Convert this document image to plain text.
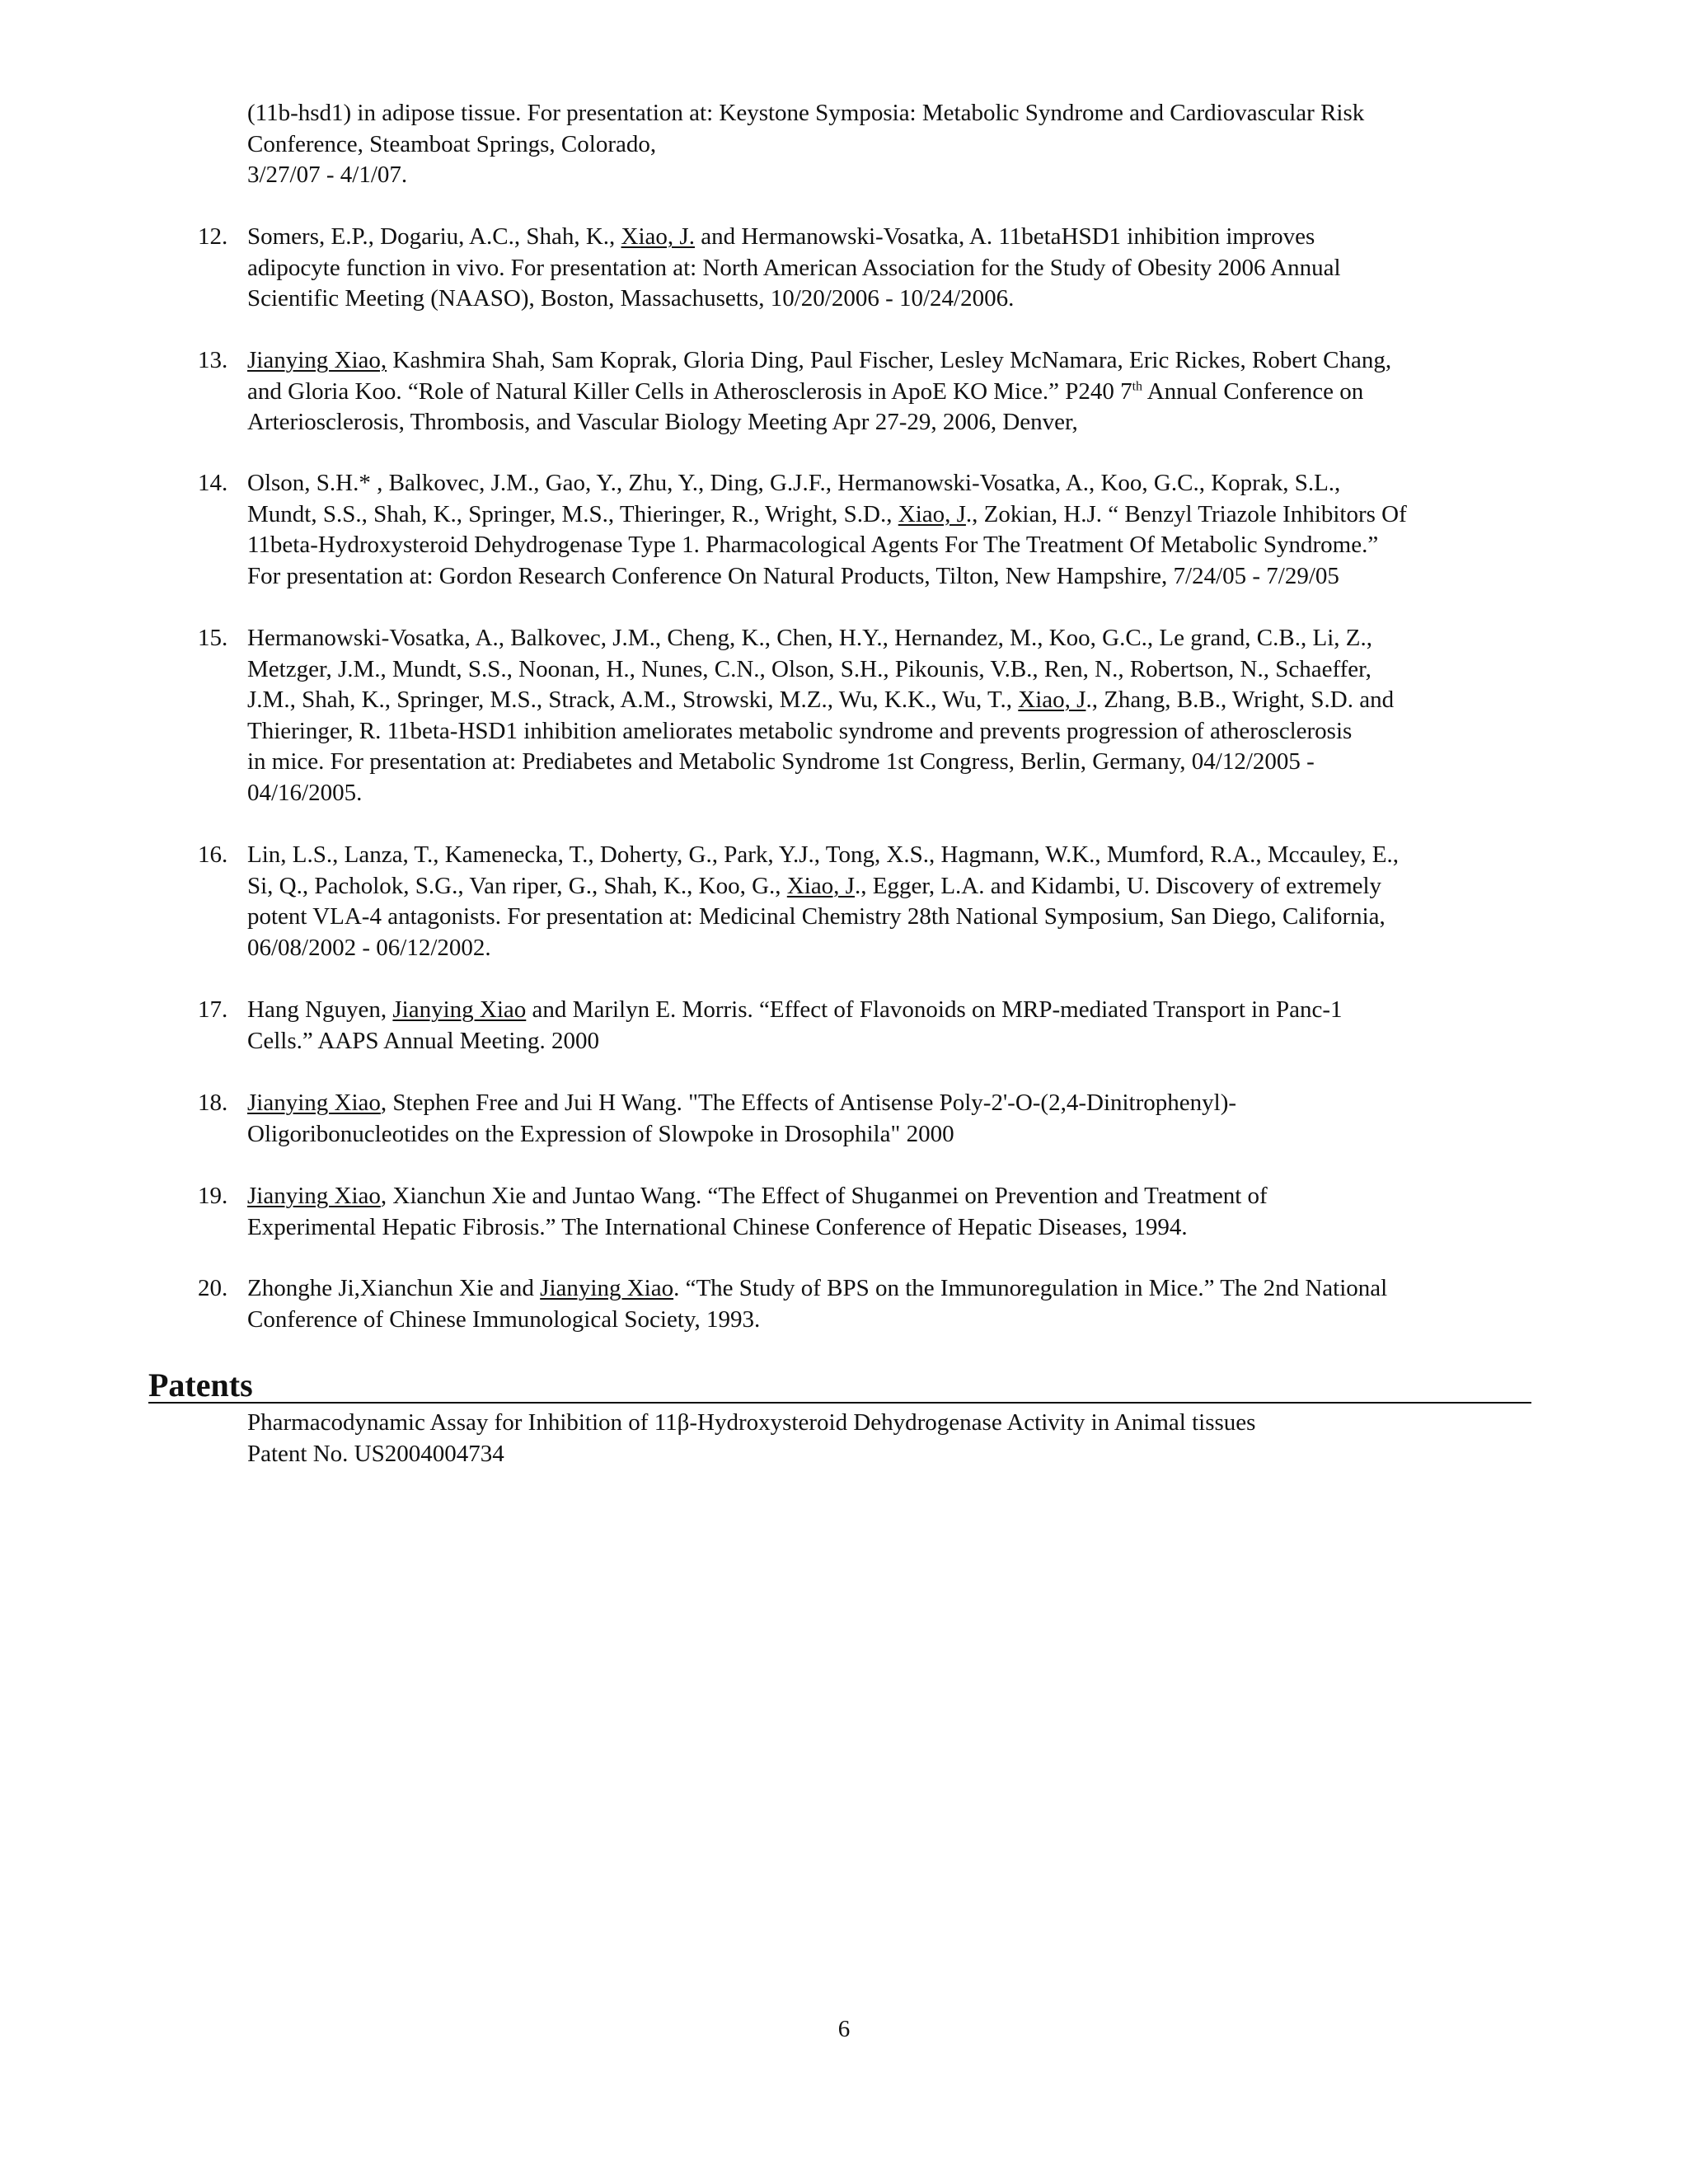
(11b-hsd1) in adipose tissue. For presentation at: Keystone Symposia: Metabolic Syndrome and Cardiovascular Risk
Conference, Steamboat Springs, Colorado,
3/27/07 - 4/1/07.
12. Somers, E.P., Dogariu, A.C., Shah, K., Xiao, J. and Hermanowski-Vosatka, A. 11betaHSD1 inhibition improves
adipocyte function in vivo. For presentation at: North American Association for the Study of Obesity 2006 Annual
Scientific Meeting (NAASO), Boston, Massachusetts, 10/20/2006 - 10/24/2006.
13. Jianying Xiao, Kashmira Shah, Sam Koprak, Gloria Ding, Paul Fischer, Lesley McNamara, Eric Rickes, Robert Chang,
and Gloria Koo. “Role of Natural Killer Cells in Atherosclerosis in ApoE KO Mice.” P240 7th Annual Conference on
Arteriosclerosis, Thrombosis, and Vascular Biology Meeting Apr 27-29, 2006, Denver,
14. Olson, S.H.* , Balkovec, J.M., Gao, Y., Zhu, Y., Ding, G.J.F., Hermanowski-Vosatka, A., Koo, G.C., Koprak, S.L.,
Mundt, S.S., Shah, K., Springer, M.S., Thieringer, R., Wright, S.D., Xiao, J., Zokian, H.J. “ Benzyl Triazole Inhibitors Of
11beta-Hydroxysteroid Dehydrogenase Type 1. Pharmacological Agents For The Treatment Of Metabolic Syndrome.”
For presentation at: Gordon Research Conference On Natural Products, Tilton, New Hampshire, 7/24/05 - 7/29/05
15. Hermanowski-Vosatka, A., Balkovec, J.M., Cheng, K., Chen, H.Y., Hernandez, M., Koo, G.C., Le grand, C.B., Li, Z.,
Metzger, J.M., Mundt, S.S., Noonan, H., Nunes, C.N., Olson, S.H., Pikounis, V.B., Ren, N., Robertson, N., Schaeffer,
J.M., Shah, K., Springer, M.S., Strack, A.M., Strowski, M.Z., Wu, K.K., Wu, T., Xiao, J., Zhang, B.B., Wright, S.D. and
Thieringer, R. 11beta-HSD1 inhibition ameliorates metabolic syndrome and prevents progression of atherosclerosis
in mice. For presentation at: Prediabetes and Metabolic Syndrome 1st Congress, Berlin, Germany, 04/12/2005 -
04/16/2005.
16. Lin, L.S., Lanza, T., Kamenecka, T., Doherty, G., Park, Y.J., Tong, X.S., Hagmann, W.K., Mumford, R.A., Mccauley, E.,
Si, Q., Pacholok, S.G., Van riper, G., Shah, K., Koo, G., Xiao, J., Egger, L.A. and Kidambi, U. Discovery of extremely
potent VLA-4 antagonists. For presentation at: Medicinal Chemistry 28th National Symposium, San Diego, California,
06/08/2002 - 06/12/2002.
17. Hang Nguyen, Jianying Xiao and Marilyn E. Morris. “Effect of Flavonoids on MRP-mediated Transport in Panc-1
Cells.” AAPS Annual Meeting. 2000
18. Jianying Xiao, Stephen Free and Jui H Wang. "The Effects of Antisense Poly-2'-O-(2,4-Dinitrophenyl)-
Oligoribonucleotides on the Expression of Slowpoke in Drosophila" 2000
19. Jianying Xiao, Xianchun Xie and Juntao Wang. “The Effect of Shuganmei on Prevention and Treatment of
Experimental Hepatic Fibrosis.” The International Chinese Conference of Hepatic Diseases, 1994.
20. Zhonghe Ji,Xianchun Xie and Jianying Xiao. “The Study of BPS on the Immunoregulation in Mice.” The 2nd National
Conference of Chinese Immunological Society, 1993.
Patents
Pharmacodynamic Assay for Inhibition of 11β-Hydroxysteroid Dehydrogenase Activity in Animal tissues
Patent No. US2004004734
6
